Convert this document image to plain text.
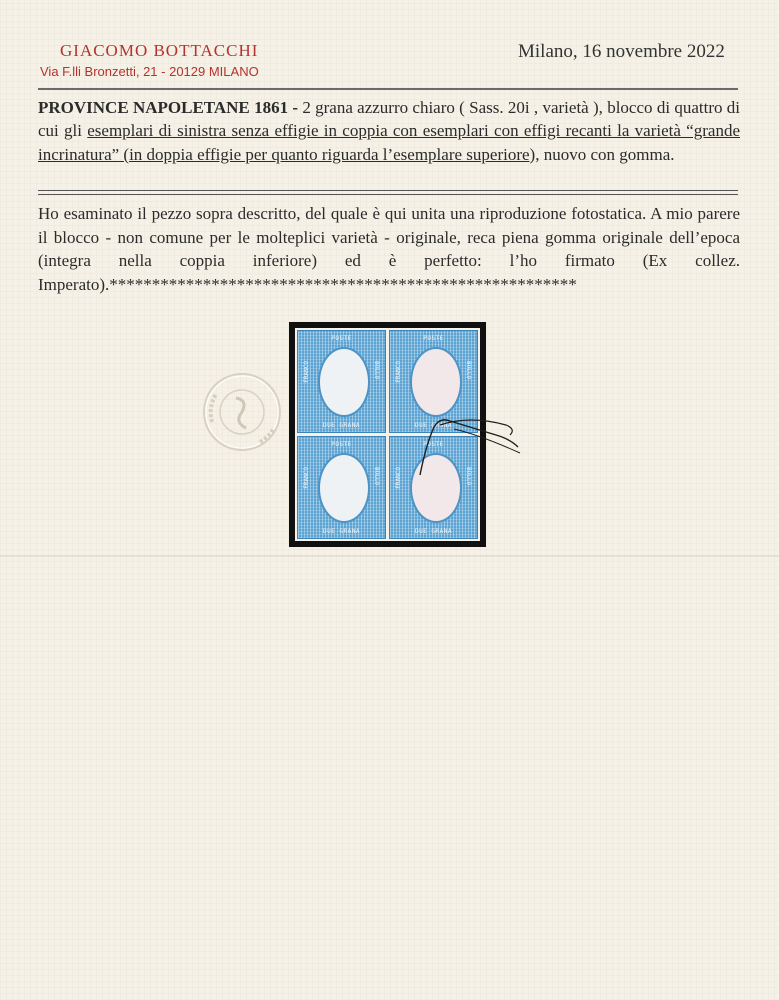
GIACOMO BOTTACCHI
Via F.lli Bronzetti, 21 - 20129 MILANO
Milano, 16 novembre 2022
PROVINCE NAPOLETANE 1861 - 2 grana azzurro chiaro ( Sass. 20i , varietà ), blocco di quattro di cui gli esemplari di sinistra senza effigie in coppia con esemplari con effigi recanti la varietà “grande incrinatura” (in doppia effigie per quanto riguarda l’esemplare superiore), nuovo con gomma.
Ho esaminato il pezzo sopra descritto, del quale è qui unita una riproduzione fotostatica. A mio parere il blocco - non comune per le molteplici varietà - originale, reca piena gomma originale dell’epoca (integra nella coppia inferiore) ed è perfetto: l’ho firmato (Ex collez. Imperato).*******************************************************
POSTE
FRANCO	BOLLO
DUE GRANA
POSTE
FRANCO	BOLLO
DUE GRANA
POSTE
FRANCO	BOLLO
DUE GRANA
POSTE
FRANCO	BOLLO
DUE GRANA
